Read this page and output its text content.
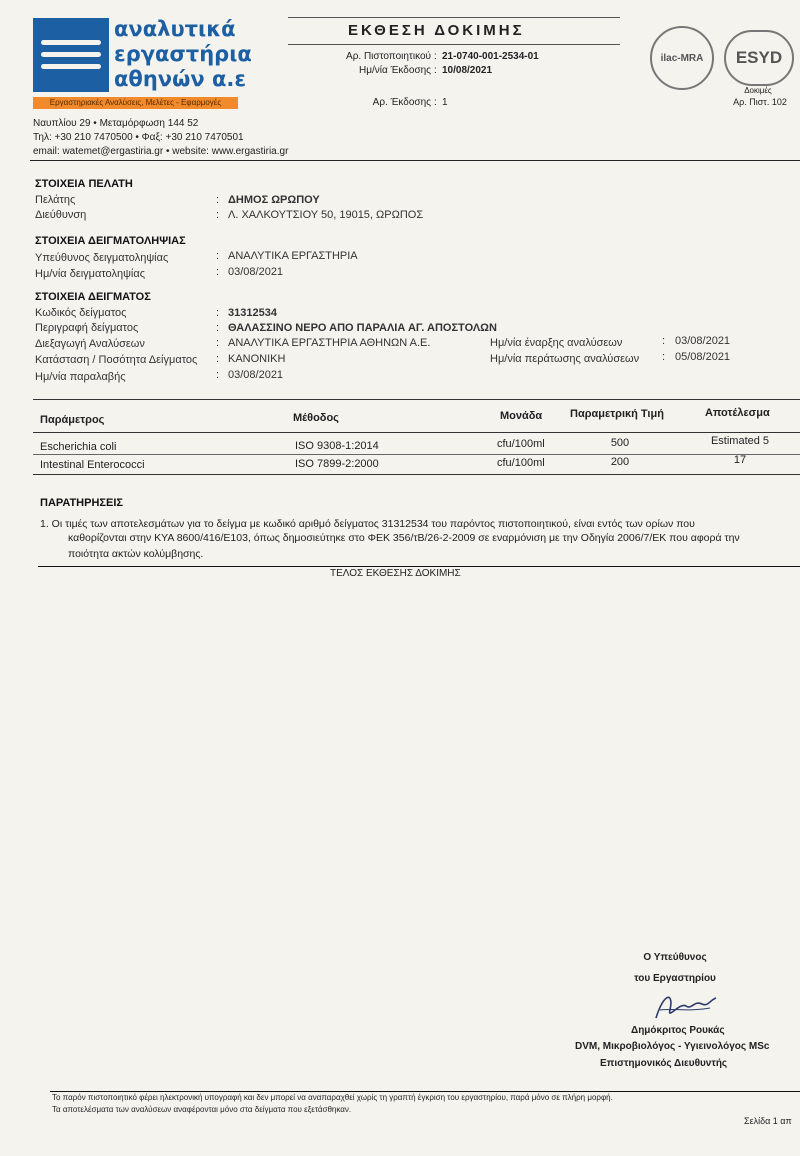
αναλυτικά
εργαστήρια
αθηνών α.ε
Εργαστηριακές Αναλύσεις, Μελέτες - Εφαρμογές
Ναυπλίου 29 • Μεταμόρφωση 144 52
Τηλ: +30 210 7470500 • Φαξ: +30 210 7470501
email: watemet@ergastiria.gr • website: www.ergastiria.gr
ΕΚΘΕΣΗ ΔΟΚΙΜΗΣ
Αρ. Πιστοποιητικού : 21-0740-001-2534-01
Ημ/νία Έκδοσης : 10/08/2021
Αρ. Έκδοσης : 1
ilac-MRA ESYD
Δοκιμές
Αρ. Πιστ. 102
ΣΤΟΙΧΕΙΑ ΠΕΛΑΤΗ
Πελάτης	: ΔΗΜΟΣ ΩΡΩΠΟΥ
Διεύθυνση	: Λ. ΧΑΛΚΟΥΤΣΙΟΥ 50, 19015, ΩΡΩΠΟΣ
ΣΤΟΙΧΕΙΑ ΔΕΙΓΜΑΤΟΛΗΨΙΑΣ
Υπεύθυνος δειγματοληψίας	: ΑΝΑΛΥΤΙΚΑ ΕΡΓΑΣΤΗΡΙΑ
Ημ/νία δειγματοληψίας	: 03/08/2021
ΣΤΟΙΧΕΙΑ ΔΕΙΓΜΑΤΟΣ
Κωδικός δείγματος	: 31312534
Περιγραφή δείγματος	: ΘΑΛΑΣΣΙΝΟ ΝΕΡΟ ΑΠΟ ΠΑΡΑΛΙΑ ΑΓ. ΑΠΟΣΤΟΛΩΝ
Διεξαγωγή Αναλύσεων	: ΑΝΑΛΥΤΙΚΑ ΕΡΓΑΣΤΗΡΙΑ ΑΘΗΝΩΝ Α.Ε.
Κατάσταση / Ποσότητα Δείγματος : ΚΑΝΟΝΙΚΗ
Ημ/νία παραλαβής	: 03/08/2021
Ημ/νία έναρξης αναλύσεων	: 03/08/2021
Ημ/νία περάτωσης αναλύσεων : 05/08/2021
Παράμετρος	Μέθοδος	Μονάδα	Παραμετρική Τιμή	Αποτέλεσμα
Escherichia coli	ISO 9308-1:2014	cfu/100ml	500	Estimated 5
Intestinal Enterococci	ISO 7899-2:2000	cfu/100ml	200	17
ΠΑΡΑΤΗΡΗΣΕΙΣ
1. Οι τιμές των αποτελεσμάτων για το δείγμα με κωδικό αριθμό δείγματος 31312534 του παρόντος πιστοποιητικού, είναι εντός των ορίων που
καθορίζονται στην ΚΥΑ 8600/416/Ε103, όπως δημοσιεύτηκε στο ΦΕΚ 356/τΒ/26-2-2009 σε εναρμόνιση με την Οδηγία 2006/7/ΕΚ που αφορά την
ποιότητα ακτών κολύμβησης.
ΤΕΛΟΣ ΕΚΘΕΣΗΣ ΔΟΚΙΜΗΣ
Ο Υπεύθυνος
του Εργαστηρίου
Δημόκριτος Ρουκάς
DVM, Μικροβιολόγος - Υγιεινολόγος MSc
Επιστημονικός Διευθυντής
Το παρόν πιστοποιητικό φέρει ηλεκτρονική υπογραφή και δεν μπορεί να αναπαραχθεί χωρίς τη γραπτή έγκριση του εργαστηρίου, παρά μόνο σε πλήρη μορφή.
Τα αποτελέσματα των αναλύσεων αναφέρονται μόνο στα δείγματα που εξετάσθηκαν.
Σελίδα 1 απ
